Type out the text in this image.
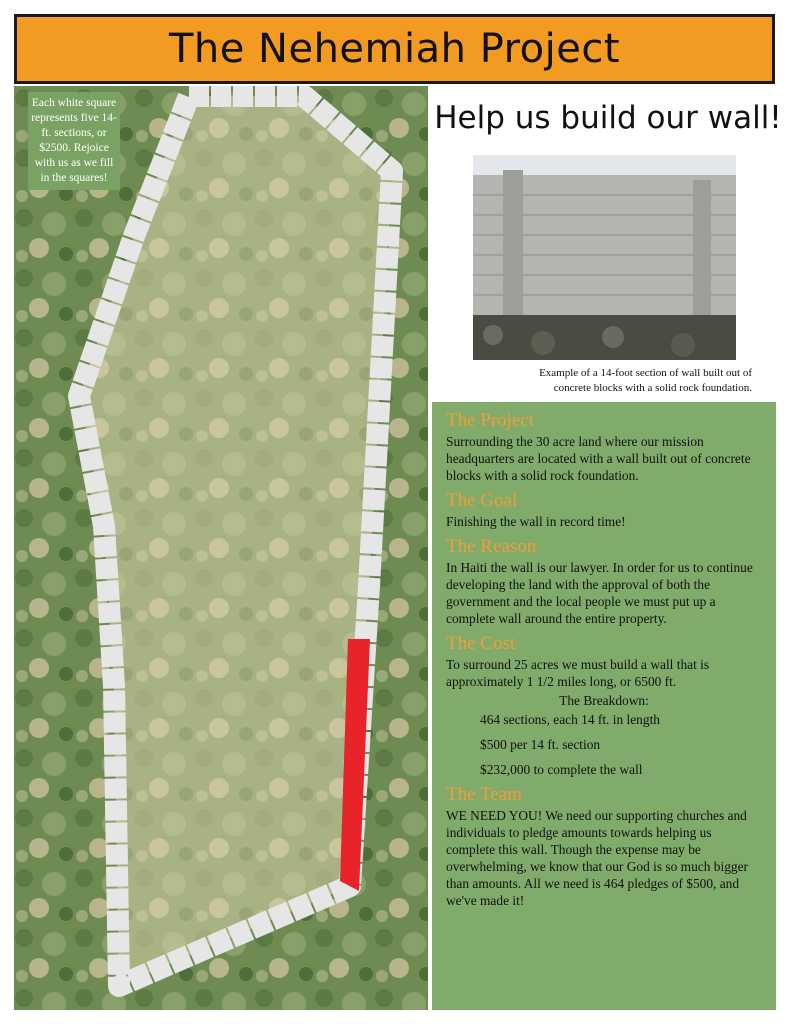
The Nehemiah Project
Each white square represents five 14-ft. sections, or $2500. Rejoice with us as we fill in the squares!
Help us build our wall!
Example of a 14-foot section of wall built out of
concrete blocks with a solid rock foundation.
The Project

Surrounding the 30 acre land where our mission headquarters are located with a wall built out of concrete blocks with a solid rock foundation.

The Goal

Finishing the wall in record time!

The Reason

In Haiti the wall is our lawyer. In order for us to continue developing the land with the approval of both the government and the local people we must put up a complete wall around the entire property.

The Cost

To surround 25 acres we must build a wall that is approximately 1 1/2 miles long, or 6500 ft.

The Breakdown:

464 sections, each 14 ft. in length

$500 per 14 ft. section

$232,000 to complete the wall

The Team

WE NEED YOU! We need our supporting churches and individuals to pledge amounts towards helping us complete this wall. Though the expense may be overwhelming, we know that our God is so much bigger than amounts. All we need is 464 pledges of $500, and we've made it!
